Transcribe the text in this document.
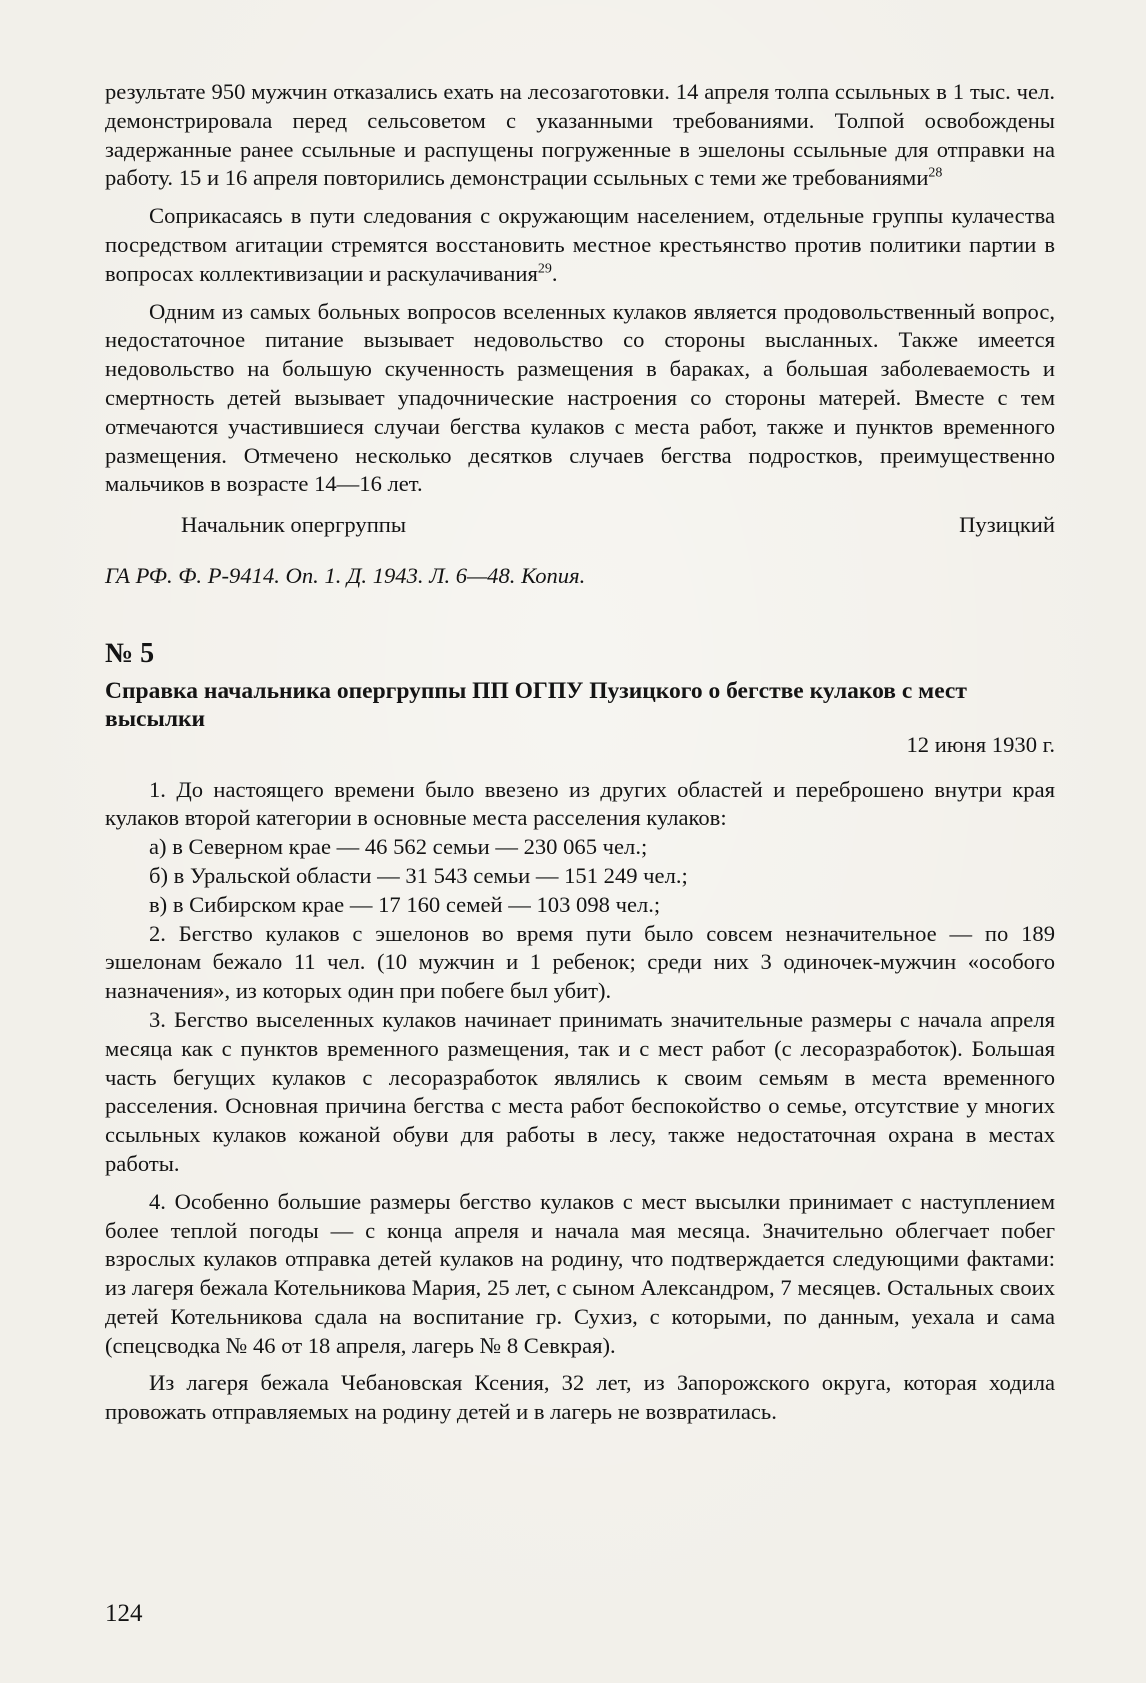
результате 950 мужчин отказались ехать на лесозаготовки. 14 апреля толпа ссыльных в 1 тыс. чел. демонстрировала перед сельсоветом с указанными требованиями. Толпой освобождены задержанные ранее ссыльные и распущены погруженные в эшелоны ссыльные для отправки на работу. 15 и 16 апреля повторились демонстрации ссыльных с теми же требованиями$^{28}$

Соприкасаясь в пути следования с окружающим населением, отдельные группы кулачества посредством агитации стремятся восстановить местное крестьянство против политики партии в вопросах коллективизации и раскулачивания$^{29}$.

Одним из самых больных вопросов вселенных кулаков является продовольственный вопрос, недостаточное питание вызывает недовольство со стороны высланных. Также имеется недовольство на большую скученность размещения в бараках, а большая заболеваемость и смертность детей вызывает упадочнические настроения со стороны матерей. Вместе с тем отмечаются участившиеся случаи бегства кулаков с места работ, также и пунктов временного размещения. Отмечено несколько десятков случаев бегства подростков, преимущественно мальчиков в возрасте 14—16 лет.

Начальник опергруппы	Пузицкий

ГА РФ. Ф. Р-9414. Оп. 1. Д. 1943. Л. 6—48. Копия.

№ 5
Справка начальника опергруппы ПП ОГПУ Пузицкого о бегстве кулаков с мест высылки
12 июня 1930 г.

1. До настоящего времени было ввезено из других областей и переброшено внутри края кулаков второй категории в основные места расселения кулаков:

а) в Северном крае — 46 562 семьи — 230 065 чел.;

б) в Уральской области — 31 543 семьи — 151 249 чел.;

в) в Сибирском крае — 17 160 семей — 103 098 чел.;

2. Бегство кулаков с эшелонов во время пути было совсем незначительное — по 189 эшелонам бежало 11 чел. (10 мужчин и 1 ребенок; среди них 3 одиночек-мужчин «особого назначения», из которых один при побеге был убит).

3. Бегство выселенных кулаков начинает принимать значительные размеры с начала апреля месяца как с пунктов временного размещения, так и с мест работ (с лесоразработок). Большая часть бегущих кулаков с лесоразработок являлись к своим семьям в места временного расселения. Основная причина бегства с места работ беспокойство о семье, отсутствие у многих ссыльных кулаков кожаной обуви для работы в лесу, также недостаточная охрана в местах работы.

4. Особенно большие размеры бегство кулаков с мест высылки принимает с наступлением более теплой погоды — с конца апреля и начала мая месяца. Значительно облегчает побег взрослых кулаков отправка детей кулаков на родину, что подтверждается следующими фактами: из лагеря бежала Котельникова Мария, 25 лет, с сыном Александром, 7 месяцев. Остальных своих детей Котельникова сдала на воспитание гр. Сухиз, с которыми, по данным, уехала и сама (спецсводка № 46 от 18 апреля, лагерь № 8 Севкрая).

Из лагеря бежала Чебановская Ксения, 32 лет, из Запорожского округа, которая ходила провожать отправляемых на родину детей и в лагерь не возвратилась.

124
